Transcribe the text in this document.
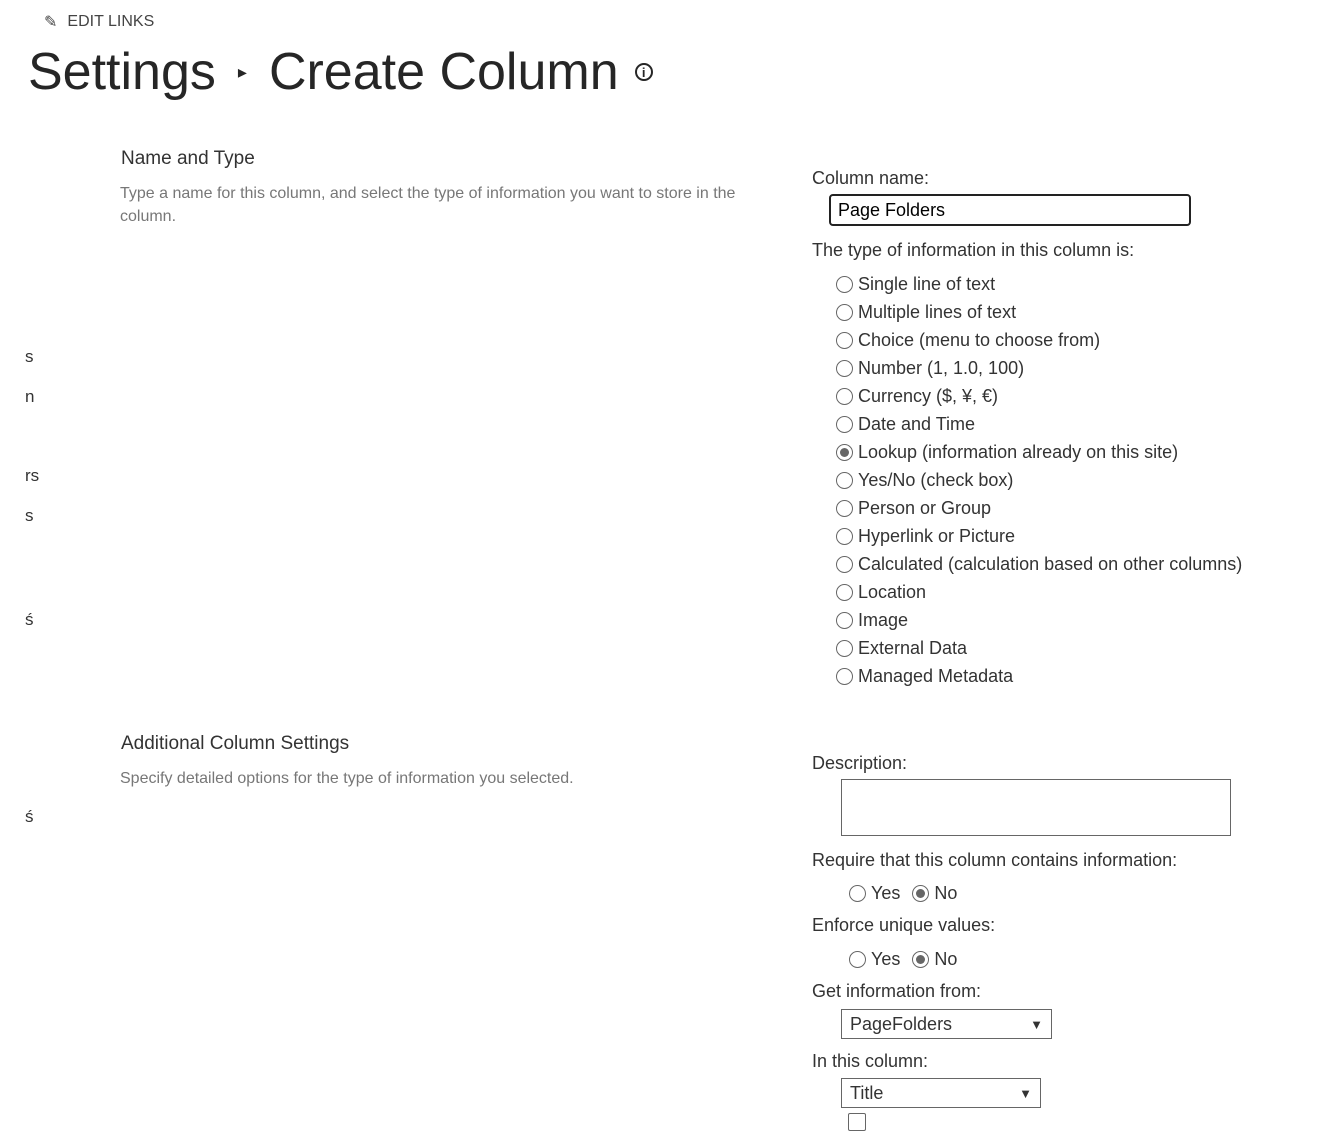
✎ EDIT LINKS
Settings ▸ Create Column	i
s
n
rs
s
ś
ś
Name and Type
Type a name for this column, and select the type of information you want to store in the column.
Column name:
Page Folders
The type of information in this column is:
Single line of text
Multiple lines of text
Choice (menu to choose from)
Number (1, 1.0, 100)
Currency ($, ¥, €)
Date and Time
Lookup (information already on this site)
Yes/No (check box)
Person or Group
Hyperlink or Picture
Calculated (calculation based on other columns)
Location
Image
External Data
Managed Metadata
Additional Column Settings
Specify detailed options for the type of information you selected.
Description:
Require that this column contains information:
Yes No
Enforce unique values:
Yes No
Get information from:
PageFolders	▼
In this column:
Title	▼
